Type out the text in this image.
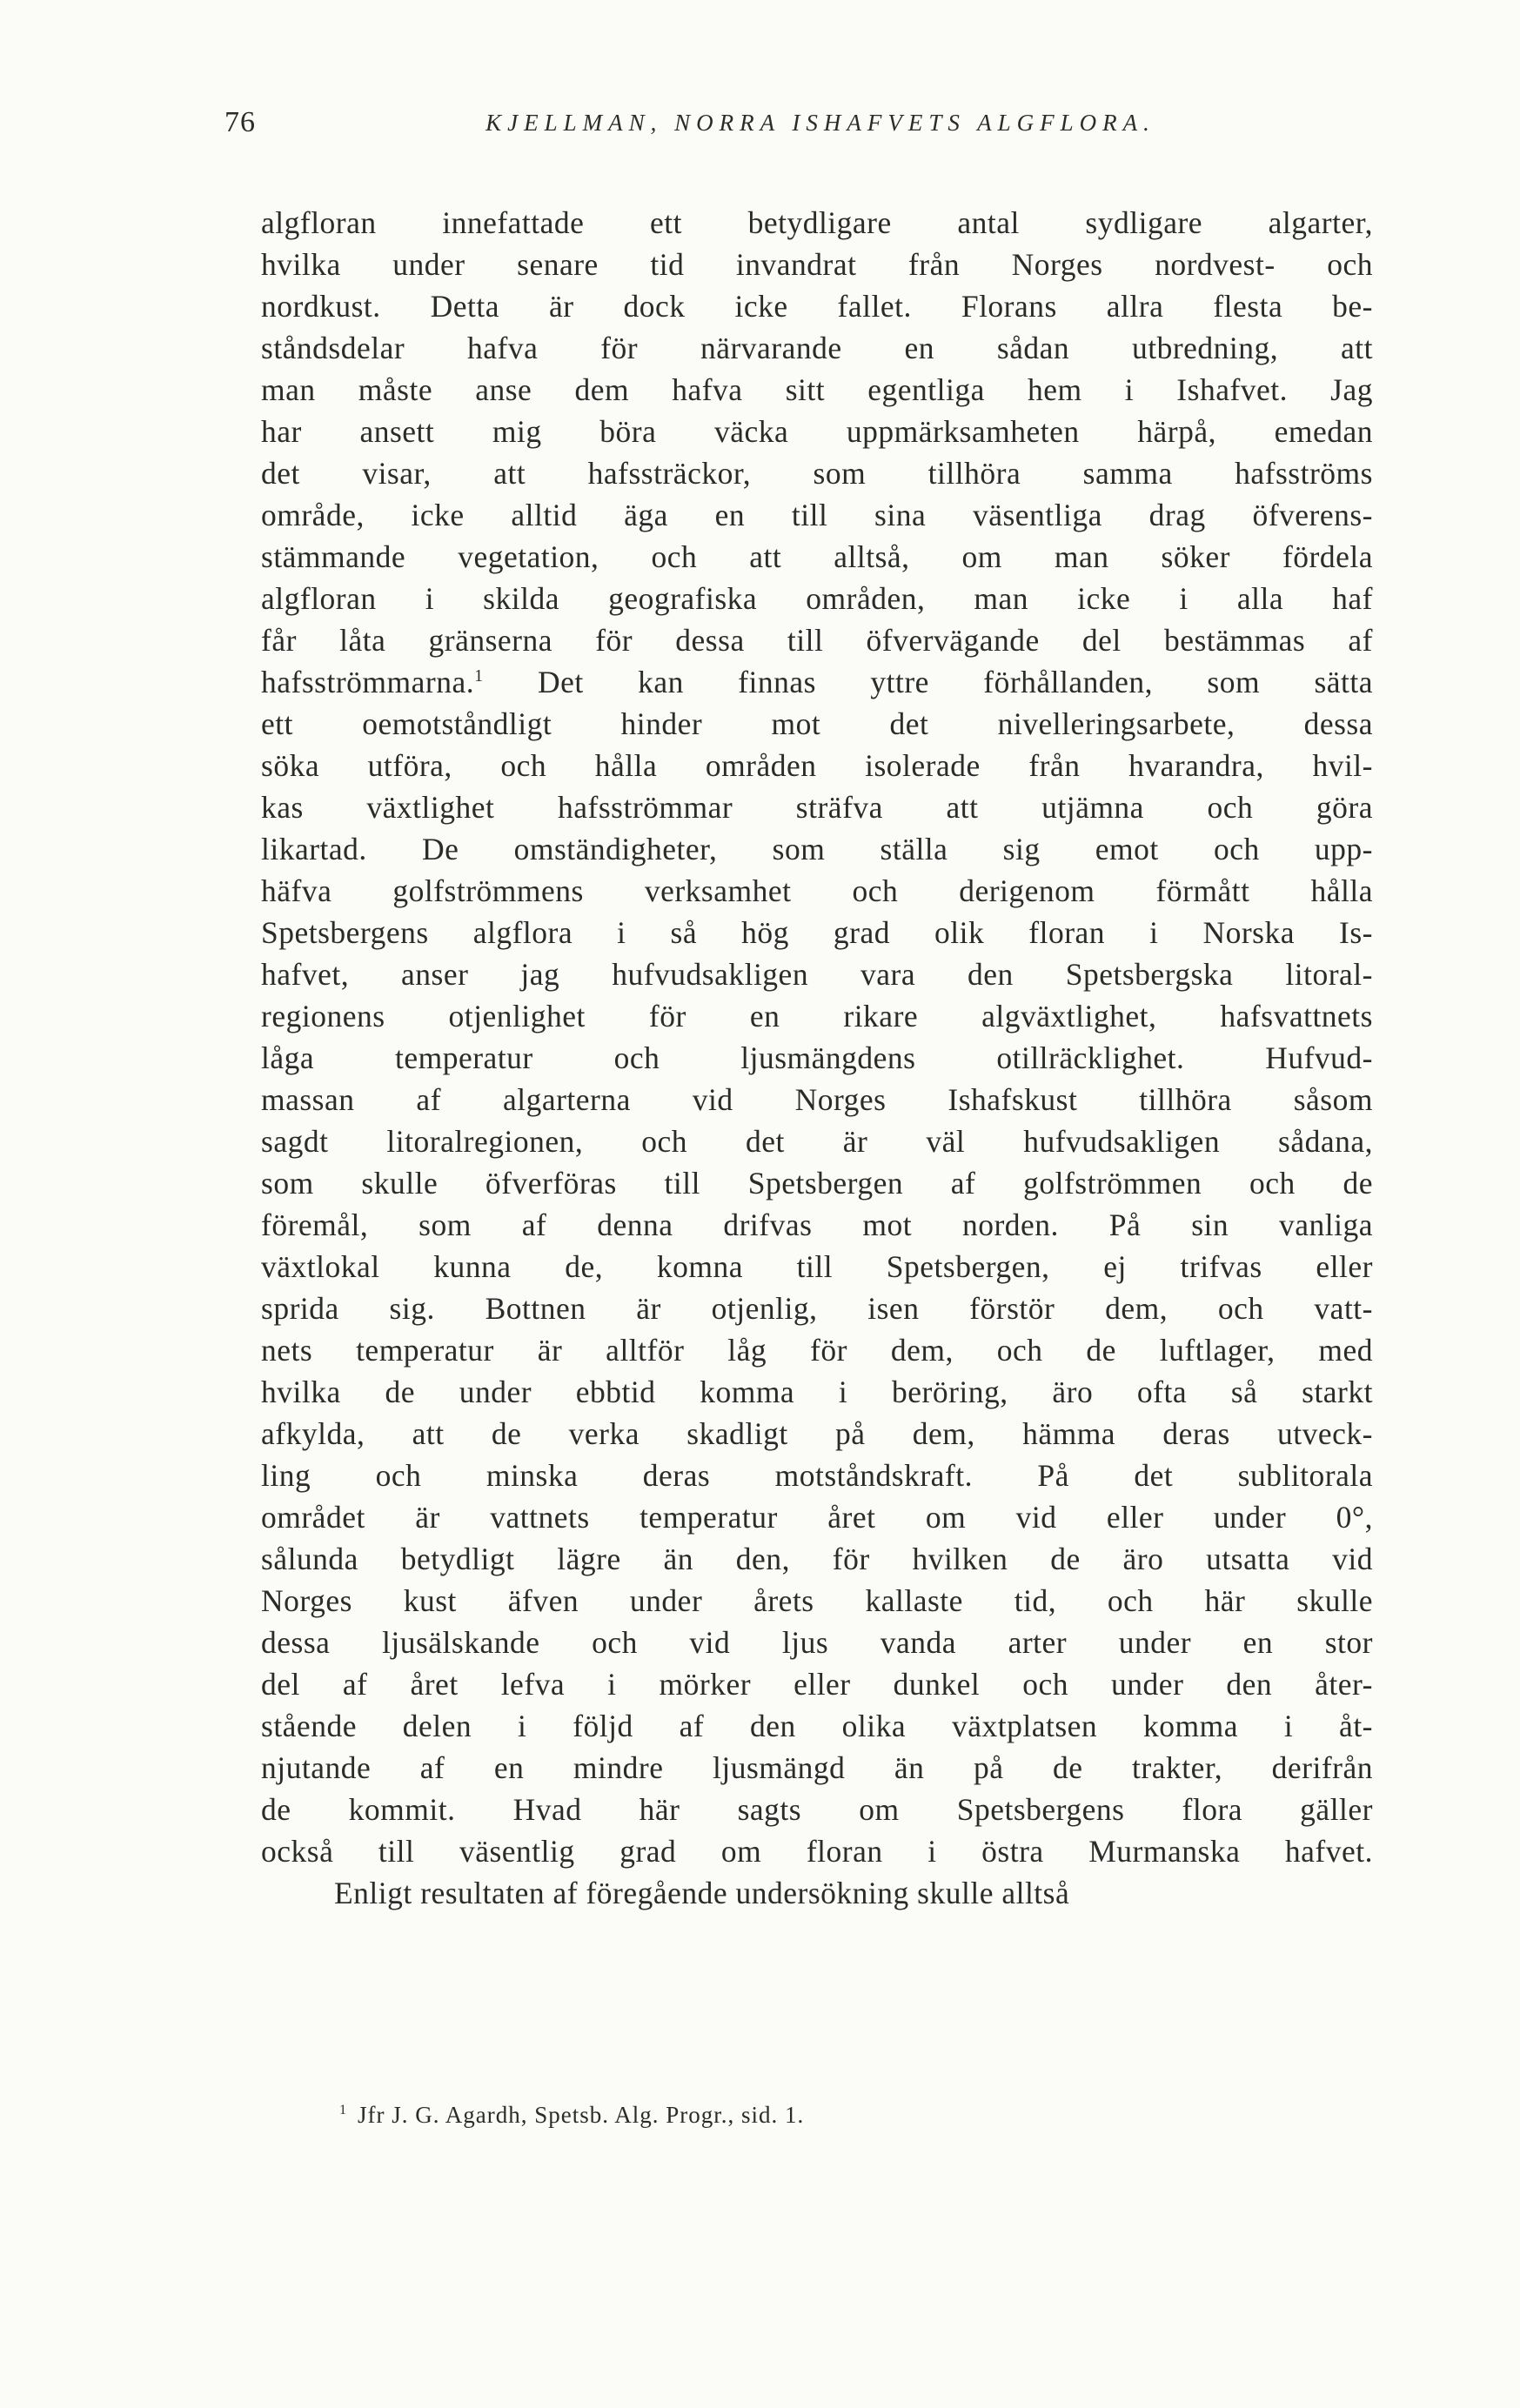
76	KJELLMAN, NORRA ISHAFVETS ALGFLORA.
algfloran innefattade ett betydligare antal sydligare algarter,
hvilka under senare tid invandrat från Norges nordvest- och
nordkust. Detta är dock icke fallet. Florans allra flesta be-
ståndsdelar hafva för närvarande en sådan utbredning, att
man måste anse dem hafva sitt egentliga hem i Ishafvet. Jag
har ansett mig böra väcka uppmärksamheten härpå, emedan
det visar, att hafssträckor, som tillhöra samma hafsströms
område, icke alltid äga en till sina väsentliga drag öfverens-
stämmande vegetation, och att alltså, om man söker fördela
algfloran i skilda geografiska områden, man icke i alla haf
får låta gränserna för dessa till öfvervägande del bestämmas af
hafsströmmarna.$^1$ Det kan finnas yttre förhållanden, som sätta
ett oemotståndligt hinder mot det nivelleringsarbete, dessa
söka utföra, och hålla områden isolerade från hvarandra, hvil-
kas växtlighet hafsströmmar sträfva att utjämna och göra
likartad. De omständigheter, som ställa sig emot och upp-
häfva golfströmmens verksamhet och derigenom förmått hålla
Spetsbergens algflora i så hög grad olik floran i Norska Is-
hafvet, anser jag hufvudsakligen vara den Spetsbergska litoral-
regionens otjenlighet för en rikare algväxtlighet, hafsvattnets
låga temperatur och ljusmängdens otillräcklighet. Hufvud-
massan af algarterna vid Norges Ishafskust tillhöra såsom
sagdt litoralregionen, och det är väl hufvudsakligen sådana,
som skulle öfverföras till Spetsbergen af golfströmmen och de
föremål, som af denna drifvas mot norden. På sin vanliga
växtlokal kunna de, komna till Spetsbergen, ej trifvas eller
sprida sig. Bottnen är otjenlig, isen förstör dem, och vatt-
nets temperatur är alltför låg för dem, och de luftlager, med
hvilka de under ebbtid komma i beröring, äro ofta så starkt
afkylda, att de verka skadligt på dem, hämma deras utveck-
ling och minska deras motståndskraft. På det sublitorala
området är vattnets temperatur året om vid eller under 0°,
sålunda betydligt lägre än den, för hvilken de äro utsatta vid
Norges kust äfven under årets kallaste tid, och här skulle
dessa ljusälskande och vid ljus vanda arter under en stor
del af året lefva i mörker eller dunkel och under den åter-
stående delen i följd af den olika växtplatsen komma i åt-
njutande af en mindre ljusmängd än på de trakter, derifrån
de kommit. Hvad här sagts om Spetsbergens flora gäller
också till väsentlig grad om floran i östra Murmanska hafvet.
Enligt resultaten af föregående undersökning skulle alltså
$^1$ Jfr J. G. Agardh, Spetsb. Alg. Progr., sid. 1.
